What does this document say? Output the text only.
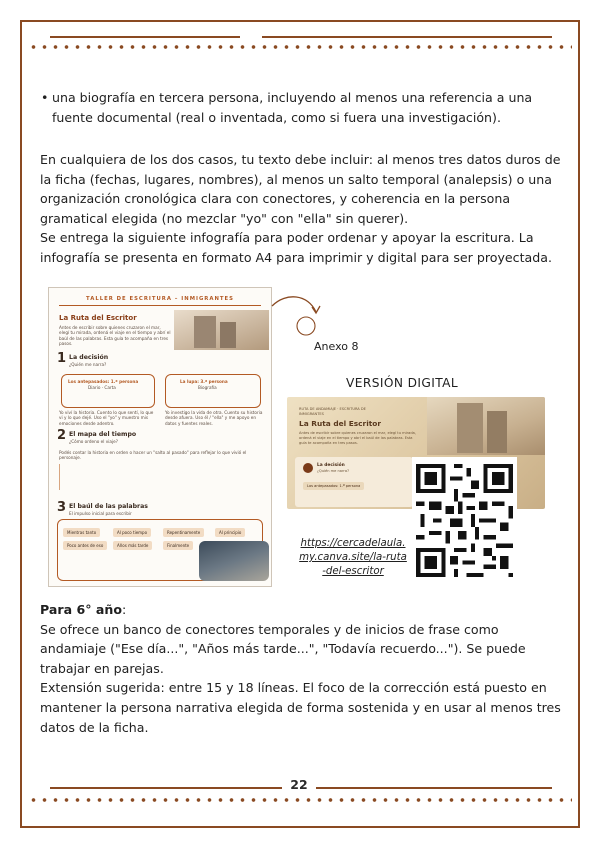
• una biografía en tercera persona, incluyendo al menos una referencia a una fuente documental (real o inventada, como si fuera una investigación).
En cualquiera de los dos casos, tu texto debe incluir: al menos tres datos duros de la ficha (fechas, lugares, nombres), al menos un salto temporal (analepsis) o una organización cronológica clara con conectores, y coherencia en la persona gramatical elegida (no mezclar "yo" con "ella" sin querer).
Se entrega la siguiente infografía para poder ordenar y apoyar la escritura. La infografía se presenta en formato A4 para imprimir y digital para ser proyectada.
TALLER DE ESCRITURA – INMIGRANTES
La Ruta del Escritor
Antes de escribir sobre quienes cruzaron el mar, elegí tu mirada, ordená el viaje en el tiempo y abrí el baúl de las palabras. Esta guía te acompaña en tres pasos.
1 La decisión
¿Quién me narra?
Los antepasados: 1.ª persona
Diario · Carta
Yo viví la historia. Cuento lo que sentí, lo que vi y lo que dejé. Uso el "yo" y muestro mis emociones desde adentro.
La lupa: 3.ª persona
Biografía
Yo investigo la vida de otra. Cuento su historia desde afuera. Uso él / "ella" y me apoyo en datos y fuentes reales.
2 El mapa del tiempo
¿Cómo ordeno el viaje?
Podés contar la historia en orden o hacer un "salto al pasado" para reflejar lo que vivió el personaje.
3 El baúl de las palabras
El impulso inicial para escribir
Mientras tanto	Al poco tiempo	Repentinamente	Al principio
Poco antes de eso	Años más tarde	Finalmente
Anexo 8
VERSIÓN DIGITAL
RUTA DE ANDAMIAJE · ESCRITURA DE INMIGRANTES
La Ruta del Escritor
Antes de escribir sobre quienes cruzaron el mar, elegí tu mirada, ordená el viaje en el tiempo y abrí el baúl de las palabras. Esta guía te acompaña en tres pasos.
La decisión
¿Quién me narra?
Los antepasados: 1.ª persona
https://cercadelaula.my.canva.site/la-ruta-del-escritor
Para 6° año:
Se ofrece un banco de conectores temporales y de inicios de frase como andamiaje ("Ese día...", "Años más tarde...", "Todavía recuerdo..."). Se puede trabajar en parejas.
Extensión sugerida: entre 15 y 18 líneas. El foco de la corrección está puesto en mantener la persona narrativa elegida de forma sostenida y en usar al menos tres datos de la ficha.
22
